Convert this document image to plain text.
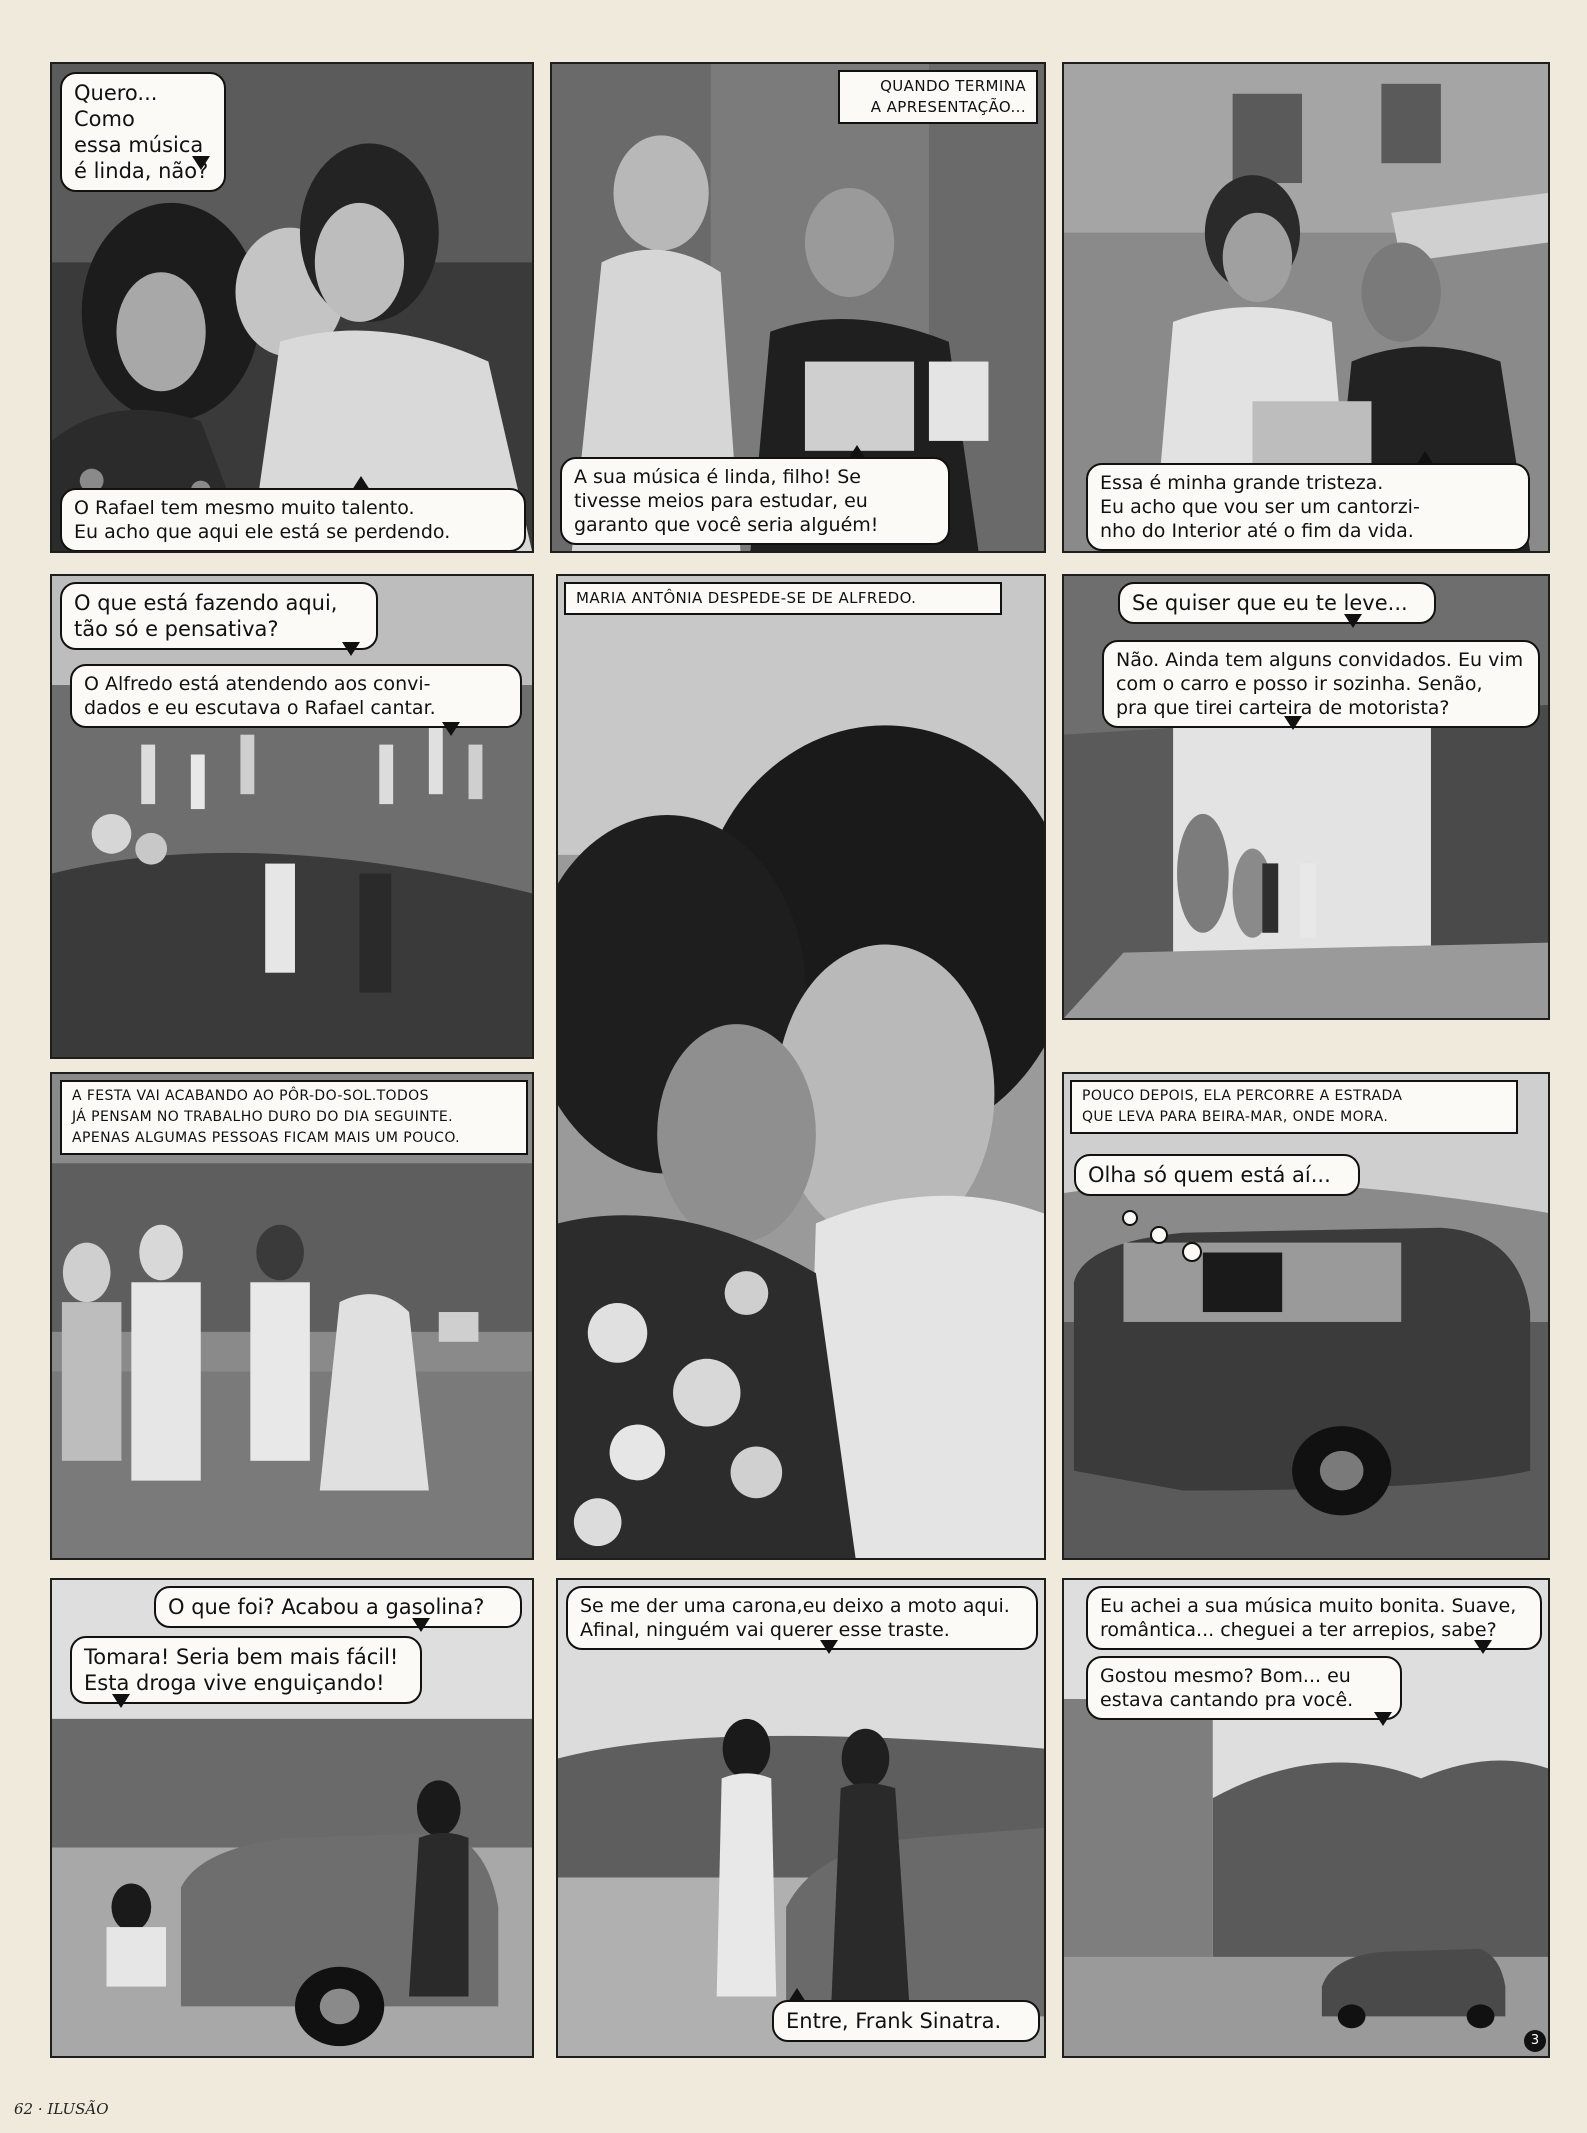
Quero... Como
essa música
é linda, não?
O Rafael tem mesmo muito talento.
Eu acho que aqui ele está se perdendo.
QUANDO TERMINA
A APRESENTAÇÃO...
A sua música é linda, filho! Se
tivesse meios para estudar, eu
garanto que você seria alguém!
Essa é minha grande tristeza.
Eu acho que vou ser um cantorzi-
nho do Interior até o fim da vida.
O que está fazendo aqui,
tão só e pensativa?
O Alfredo está atendendo aos convi-
dados e eu escutava o Rafael cantar.
MARIA ANTÔNIA DESPEDE-SE DE ALFREDO.	Se quiser que eu te leve...
Não. Ainda tem alguns convidados. Eu vim
com o carro e posso ir sozinha. Senão,
pra que tirei carteira de motorista?
A FESTA VAI ACABANDO AO PÔR-DO-SOL.TODOS
JÁ PENSAM NO TRABALHO DURO DO DIA SEGUINTE.
APENAS ALGUMAS PESSOAS FICAM MAIS UM POUCO.
POUCO DEPOIS, ELA PERCORRE A ESTRADA
QUE LEVA PARA BEIRA-MAR, ONDE MORA.
Olha só quem está aí...
O que foi? Acabou a gasolina?
Tomara! Seria bem mais fácil!
Esta droga vive enguiçando!
Se me der uma carona,eu deixo a moto aqui.
Afinal, ninguém vai querer esse traste.
Entre, Frank Sinatra.
Eu achei a sua música muito bonita. Suave,
romântica... cheguei a ter arrepios, sabe?
Gostou mesmo? Bom... eu
estava cantando pra você.
3
62 · ILUSÃO
